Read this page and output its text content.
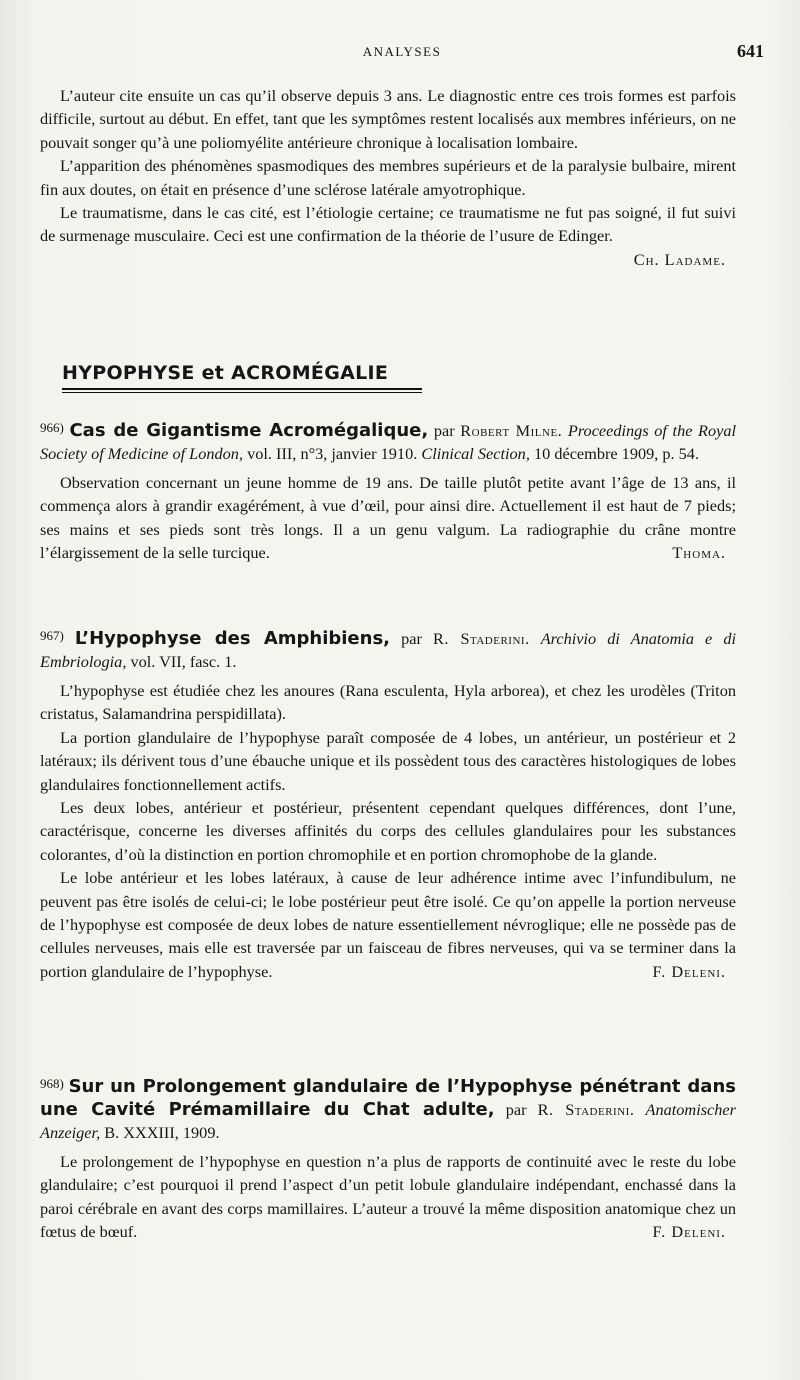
ANALYSES	641

L’auteur cite ensuite un cas qu’il observe depuis 3 ans. Le diagnostic entre ces trois formes est parfois difficile, surtout au début. En effet, tant que les symptômes restent localisés aux membres inférieurs, on ne pouvait songer qu’à une poliomyélite antérieure chronique à localisation lombaire.

L’apparition des phénomènes spasmodiques des membres supérieurs et de la paralysie bulbaire, mirent fin aux doutes, on était en présence d’une sclérose latérale amyotrophique.

Le traumatisme, dans le cas cité, est l’étiologie certaine; ce traumatisme ne fut pas soigné, il fut suivi de surmenage musculaire. Ceci est une confirmation de la théorie de l’usure de Edinger.
Ch. Ladame.

HYPOPHYSE et ACROMÉGALIE
$^{966)}$ Cas de Gigantisme Acromégalique, par Robert Milne. Proceedings of the Royal Society of Medicine of London, vol. III, n°3, janvier 1910. Clinical Section, 10 décembre 1909, p. 54.

Observation concernant un jeune homme de 19 ans. De taille plutôt petite avant l’âge de 13 ans, il commença alors à grandir exagérément, à vue d’œil, pour ainsi dire. Actuellement il est haut de 7 pieds; ses mains et ses pieds sont très longs. Il a un genu valgum. La radiographie du crâne montre l’élargissement de la selle turcique.	Thoma.

$^{967)}$ L’Hypophyse des Amphibiens, par R. Staderini. Archivio di Anatomia e di Embriologia, vol. VII, fasc. 1.

L’hypophyse est étudiée chez les anoures (Rana esculenta, Hyla arborea), et chez les urodèles (Triton cristatus, Salamandrina perspidillata).

La portion glandulaire de l’hypophyse paraît composée de 4 lobes, un antérieur, un postérieur et 2 latéraux; ils dérivent tous d’une ébauche unique et ils possèdent tous des caractères histologiques de lobes glandulaires fonctionnellement actifs.

Les deux lobes, antérieur et postérieur, présentent cependant quelques différences, dont l’une, caractérisque, concerne les diverses affinités du corps des cellules glandulaires pour les substances colorantes, d’où la distinction en portion chromophile et en portion chromophobe de la glande.

Le lobe antérieur et les lobes latéraux, à cause de leur adhérence intime avec l’infundibulum, ne peuvent pas être isolés de celui-ci; le lobe postérieur peut être isolé. Ce qu’on appelle la portion nerveuse de l’hypophyse est composée de deux lobes de nature essentiellement névroglique; elle ne possède pas de cellules nerveuses, mais elle est traversée par un faisceau de fibres nerveuses, qui va se terminer dans la portion glandulaire de l’hypophyse.	F. Deleni.

$^{968)}$ Sur un Prolongement glandulaire de l’Hypophyse pénétrant dans une Cavité Prémamillaire du Chat adulte, par R. Staderini. Anatomischer Anzeiger, B. XXXIII, 1909.

Le prolongement de l’hypophyse en question n’a plus de rapports de continuité avec le reste du lobe glandulaire; c’est pourquoi il prend l’aspect d’un petit lobule glandulaire indépendant, enchassé dans la paroi cérébrale en avant des corps mamillaires. L’auteur a trouvé la même disposition anatomique chez un fœtus de bœuf.	F. Deleni.
